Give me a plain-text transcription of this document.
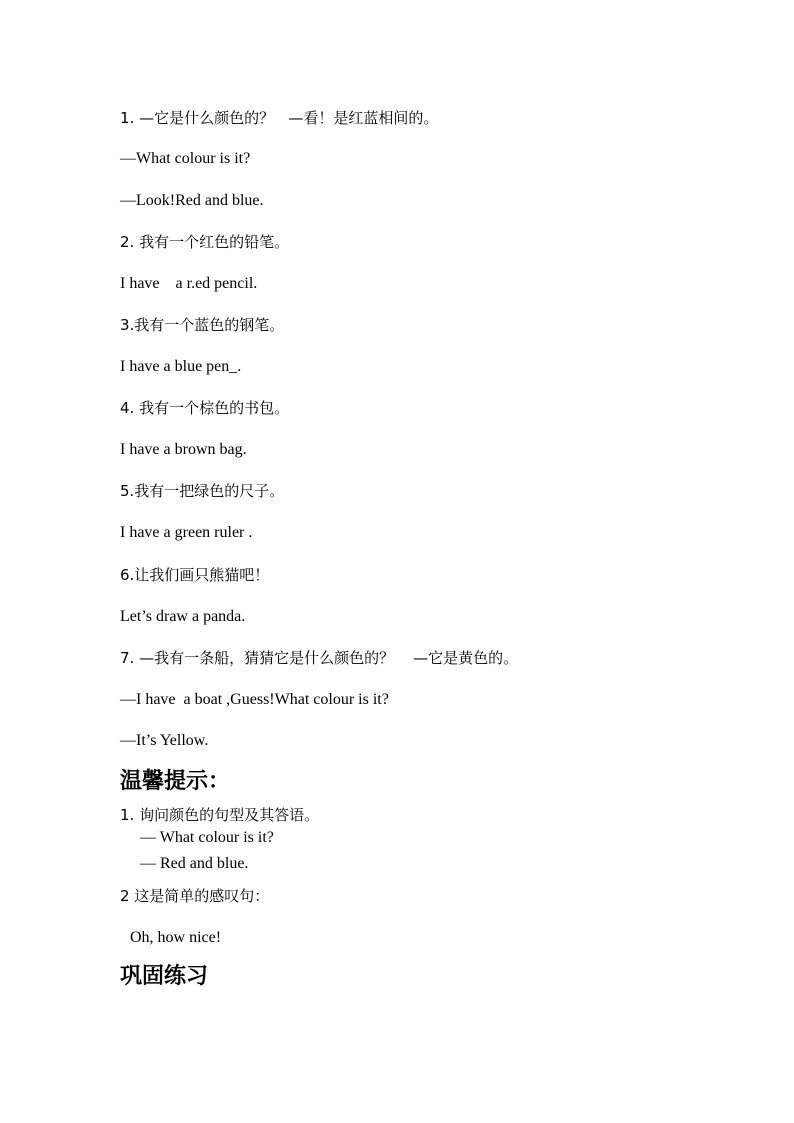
1. —它是什么颜色的？   —看！是红蓝相间的。
—What colour is it?
—Look!Red and blue.
2. 我有一个红色的铅笔。
I have    a r.ed pencil.
3.我有一个蓝色的钢笔。
I have a blue pen_.
4. 我有一个棕色的书包。
I have a brown bag.
5.我有一把绿色的尺子。
I have a green ruler .
6.让我们画只熊猫吧！
Let’s draw a panda.
7. —我有一条船，猜猜它是什么颜色的？    —它是黄色的。
—I have  a boat ,Guess!What colour is it?
—It’s Yellow.
温馨提示：
1. 询问颜色的句型及其答语。
— What colour is it?
— Red and blue.
2 这是简单的感叹句：
Oh, how nice!
巩固练习
